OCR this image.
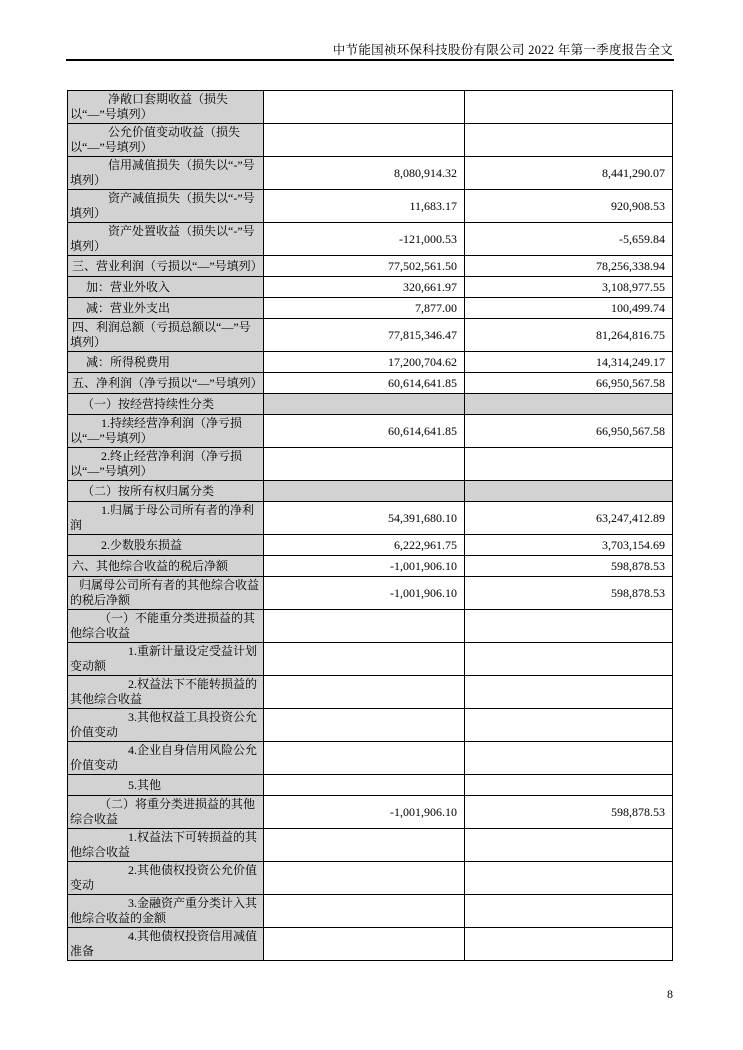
中节能国祯环保科技股份有限公司 2022 年第一季度报告全文
净敞口套期收益（损失以“—”号填列）		
公允价值变动收益（损失以“—”号填列）		
信用减值损失（损失以“-”号填列）	8,080,914.32	8,441,290.07
资产减值损失（损失以“-”号填列）	11,683.17	920,908.53
资产处置收益（损失以“-”号填列）	-121,000.53	-5,659.84
三、营业利润（亏损以“—”号填列）	77,502,561.50	78,256,338.94
加：营业外收入	320,661.97	3,108,977.55
减：营业外支出	7,877.00	100,499.74
四、利润总额（亏损总额以“—”号填列）	77,815,346.47	81,264,816.75
减：所得税费用	17,200,704.62	14,314,249.17
五、净利润（净亏损以“—”号填列）	60,614,641.85	66,950,567.58
（一）按经营持续性分类		
1.持续经营净利润（净亏损以“—”号填列）	60,614,641.85	66,950,567.58
2.终止经营净利润（净亏损以“—”号填列）		
（二）按所有权归属分类		
1.归属于母公司所有者的净利润	54,391,680.10	63,247,412.89
2.少数股东损益	6,222,961.75	3,703,154.69
六、其他综合收益的税后净额	-1,001,906.10	598,878.53
归属母公司所有者的其他综合收益的税后净额	-1,001,906.10	598,878.53
（一）不能重分类进损益的其他综合收益		
1.重新计量设定受益计划变动额		
2.权益法下不能转损益的其他综合收益		
3.其他权益工具投资公允价值变动		
4.企业自身信用风险公允价值变动		
5.其他		
（二）将重分类进损益的其他综合收益	-1,001,906.10	598,878.53
1.权益法下可转损益的其他综合收益		
2.其他债权投资公允价值变动		
3.金融资产重分类计入其他综合收益的金额		
4.其他债权投资信用减值准备		
8
